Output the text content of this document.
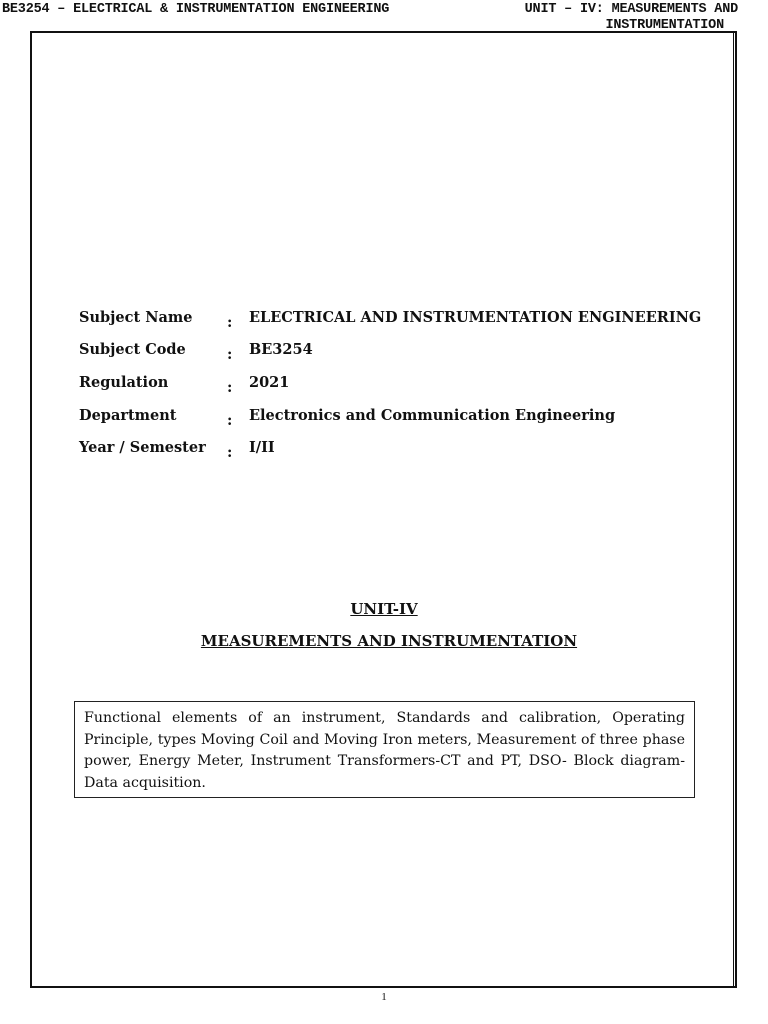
BE3254 – ELECTRICAL & INSTRUMENTATION ENGINEERING	UNIT – IV: MEASUREMENTS AND
INSTRUMENTATION
Subject Name	:	ELECTRICAL AND INSTRUMENTATION ENGINEERING
Subject Code	:	BE3254
Regulation	:	2021
Department	:	Electronics and Communication Engineering
Year / Semester	:	I/II
UNIT-IV
MEASUREMENTS AND INSTRUMENTATION
Functional elements of an instrument, Standards and calibration, Operating Principle, types Moving Coil and Moving Iron meters, Measurement of three phase power, Energy Meter, Instrument Transformers-CT and PT, DSO- Block diagram- Data acquisition.
1
